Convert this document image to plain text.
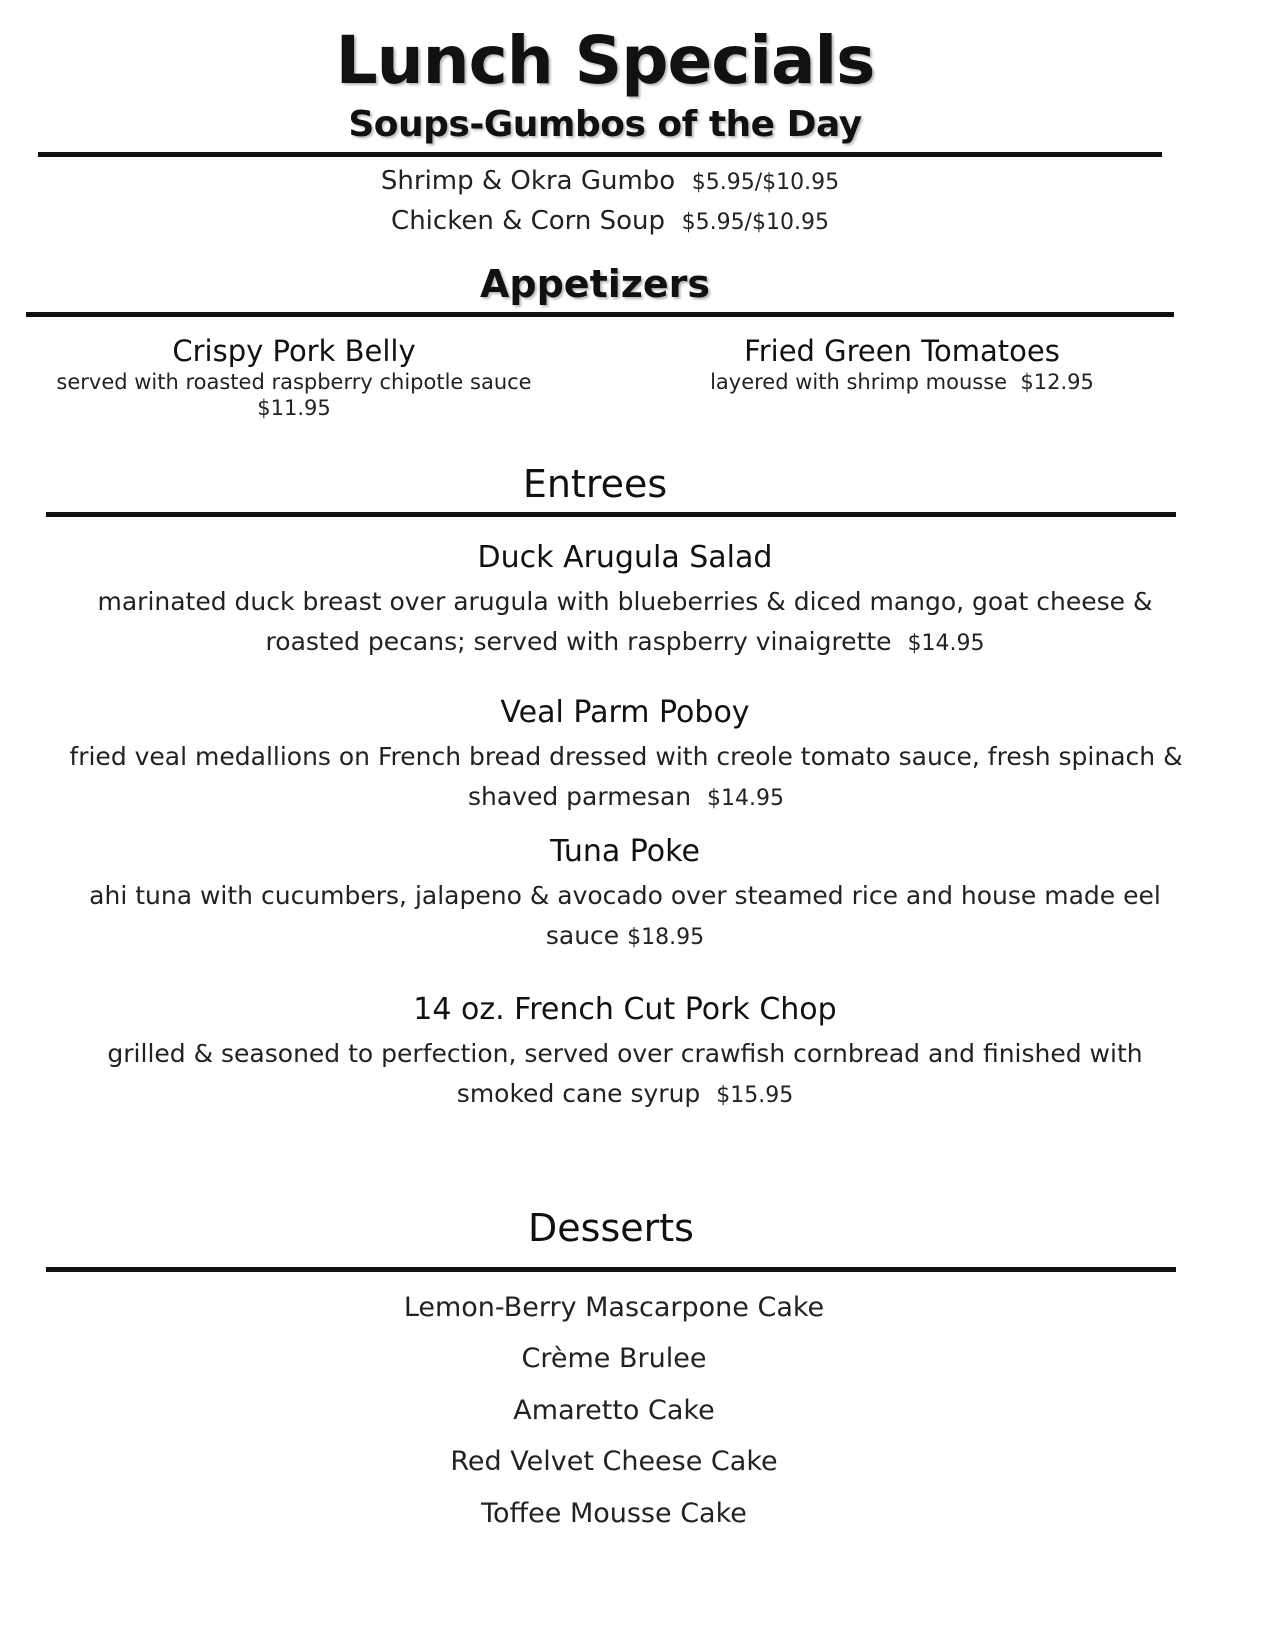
Lunch Specials
Soups-Gumbos of the Day
Shrimp & Okra Gumbo $5.95/$10.95
Chicken & Corn Soup $5.95/$10.95
Appetizers
Crispy Pork Belly
served with roasted raspberry chipotle sauce
$11.95
Fried Green Tomatoes
layered with shrimp mousse $12.95
Entrees
Duck Arugula Salad
marinated duck breast over arugula with blueberries & diced mango, goat cheese &
roasted pecans; served with raspberry vinaigrette $14.95
Veal Parm Poboy
fried veal medallions on French bread dressed with creole tomato sauce, fresh spinach &
shaved parmesan $14.95
Tuna Poke
ahi tuna with cucumbers, jalapeno & avocado over steamed rice and house made eel
sauce $18.95
14 oz. French Cut Pork Chop
grilled & seasoned to perfection, served over crawfish cornbread and finished with
smoked cane syrup $15.95
Desserts
Lemon-Berry Mascarpone Cake
Crème Brulee
Amaretto Cake
Red Velvet Cheese Cake
Toffee Mousse Cake
